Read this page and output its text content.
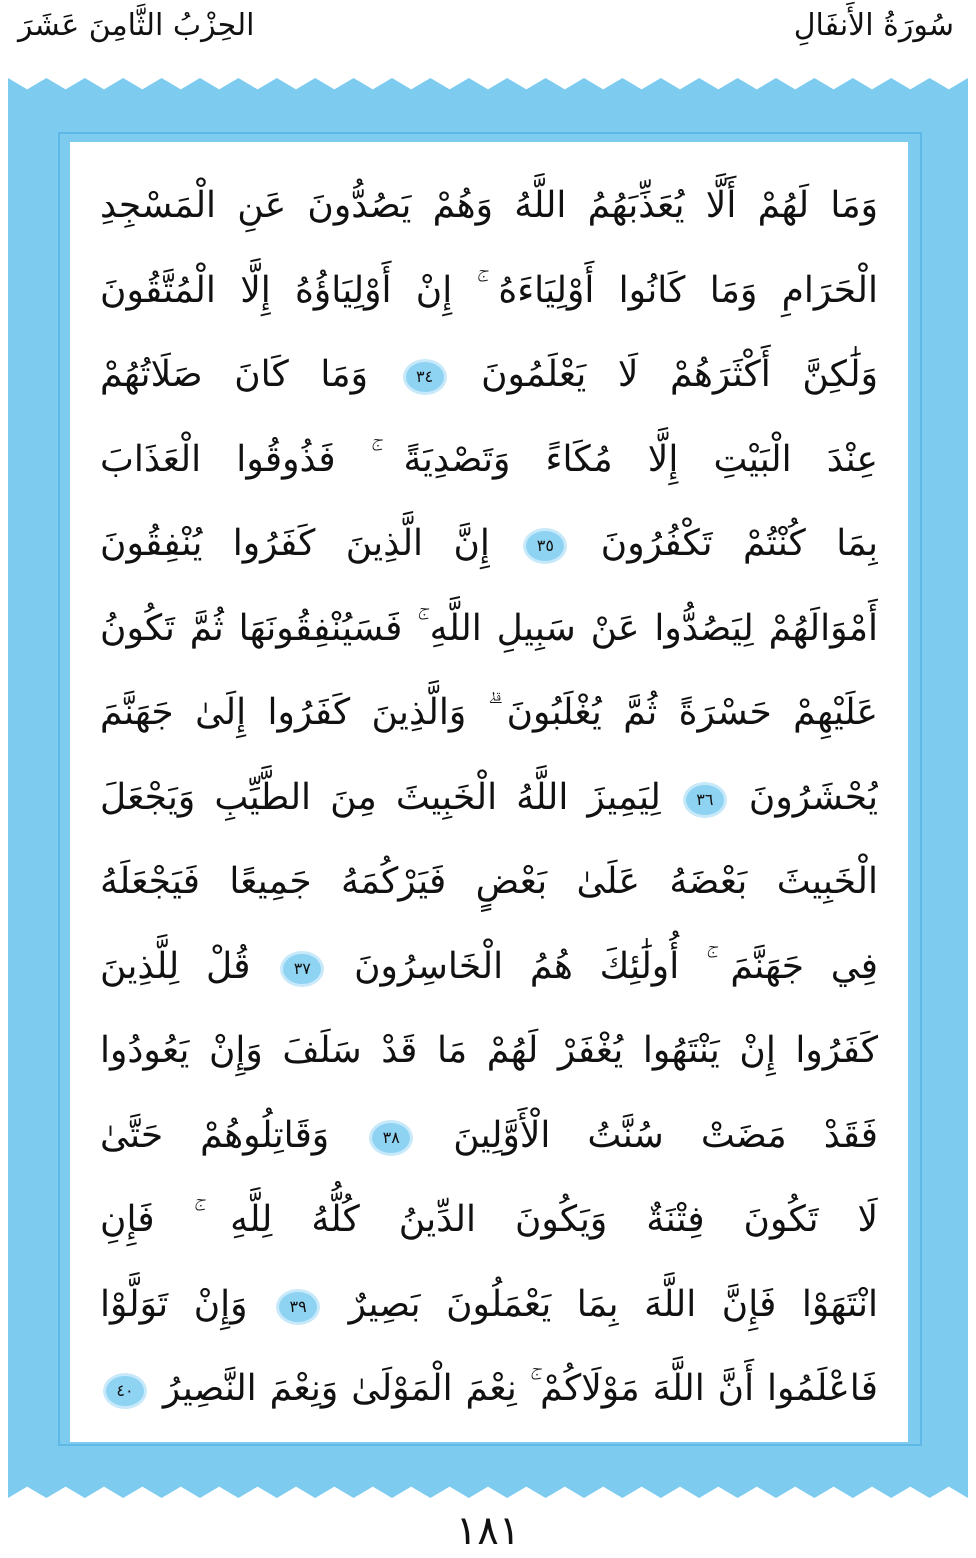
الحِزْبُ الثَّامِنَ عَشَرَ	سُورَةُ الأَنفَالِ
وَمَا لَهُمْ أَلَّا يُعَذِّبَهُمُ اللَّهُ وَهُمْ يَصُدُّونَ عَنِ الْمَسْجِدِ
الْحَرَامِ وَمَا كَانُوا أَوْلِيَاءَهُ ۚ إِنْ أَوْلِيَاؤُهُ إِلَّا الْمُتَّقُونَ
وَلَٰكِنَّ أَكْثَرَهُمْ لَا يَعْلَمُونَ ٣٤ وَمَا كَانَ صَلَاتُهُمْ
عِنْدَ الْبَيْتِ إِلَّا مُكَاءً وَتَصْدِيَةً ۚ فَذُوقُوا الْعَذَابَ
بِمَا كُنْتُمْ تَكْفُرُونَ ٣٥ إِنَّ الَّذِينَ كَفَرُوا يُنْفِقُونَ
أَمْوَالَهُمْ لِيَصُدُّوا عَنْ سَبِيلِ اللَّهِ ۚ فَسَيُنْفِقُونَهَا ثُمَّ تَكُونُ
عَلَيْهِمْ حَسْرَةً ثُمَّ يُغْلَبُونَ ۗ وَالَّذِينَ كَفَرُوا إِلَىٰ جَهَنَّمَ
يُحْشَرُونَ ٣٦ لِيَمِيزَ اللَّهُ الْخَبِيثَ مِنَ الطَّيِّبِ وَيَجْعَلَ
الْخَبِيثَ بَعْضَهُ عَلَىٰ بَعْضٍ فَيَرْكُمَهُ جَمِيعًا فَيَجْعَلَهُ
فِي جَهَنَّمَ ۚ أُولَٰئِكَ هُمُ الْخَاسِرُونَ ٣٧ قُلْ لِلَّذِينَ
كَفَرُوا إِنْ يَنْتَهُوا يُغْفَرْ لَهُمْ مَا قَدْ سَلَفَ وَإِنْ يَعُودُوا
فَقَدْ مَضَتْ سُنَّتُ الْأَوَّلِينَ ٣٨ وَقَاتِلُوهُمْ حَتَّىٰ
لَا تَكُونَ فِتْنَةٌ وَيَكُونَ الدِّينُ كُلُّهُ لِلَّهِ ۚ فَإِنِ
انْتَهَوْا فَإِنَّ اللَّهَ بِمَا يَعْمَلُونَ بَصِيرٌ ٣٩ وَإِنْ تَوَلَّوْا
فَاعْلَمُوا أَنَّ اللَّهَ مَوْلَاكُمْ ۚ نِعْمَ الْمَوْلَىٰ وَنِعْمَ النَّصِيرُ ٤٠
١٨١
